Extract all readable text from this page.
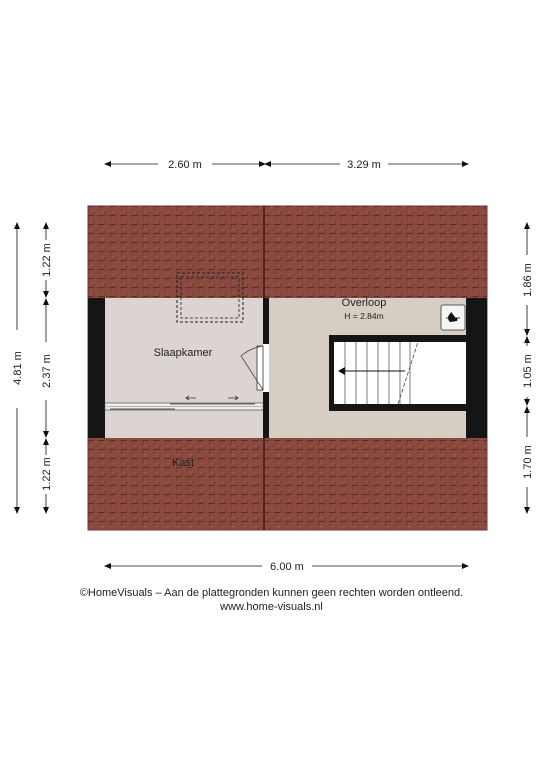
Slaapkamer
Overloop
H = 2.84m
Kast
2.60 m	3.29 m
6.00 m
4.81 m
1.22 m
2.37 m
1.22 m
1.86 m
1.05 m
1.70 m
©HomeVisuals – Aan de plattegronden kunnen geen rechten worden ontleend.
www.home-visuals.nl
